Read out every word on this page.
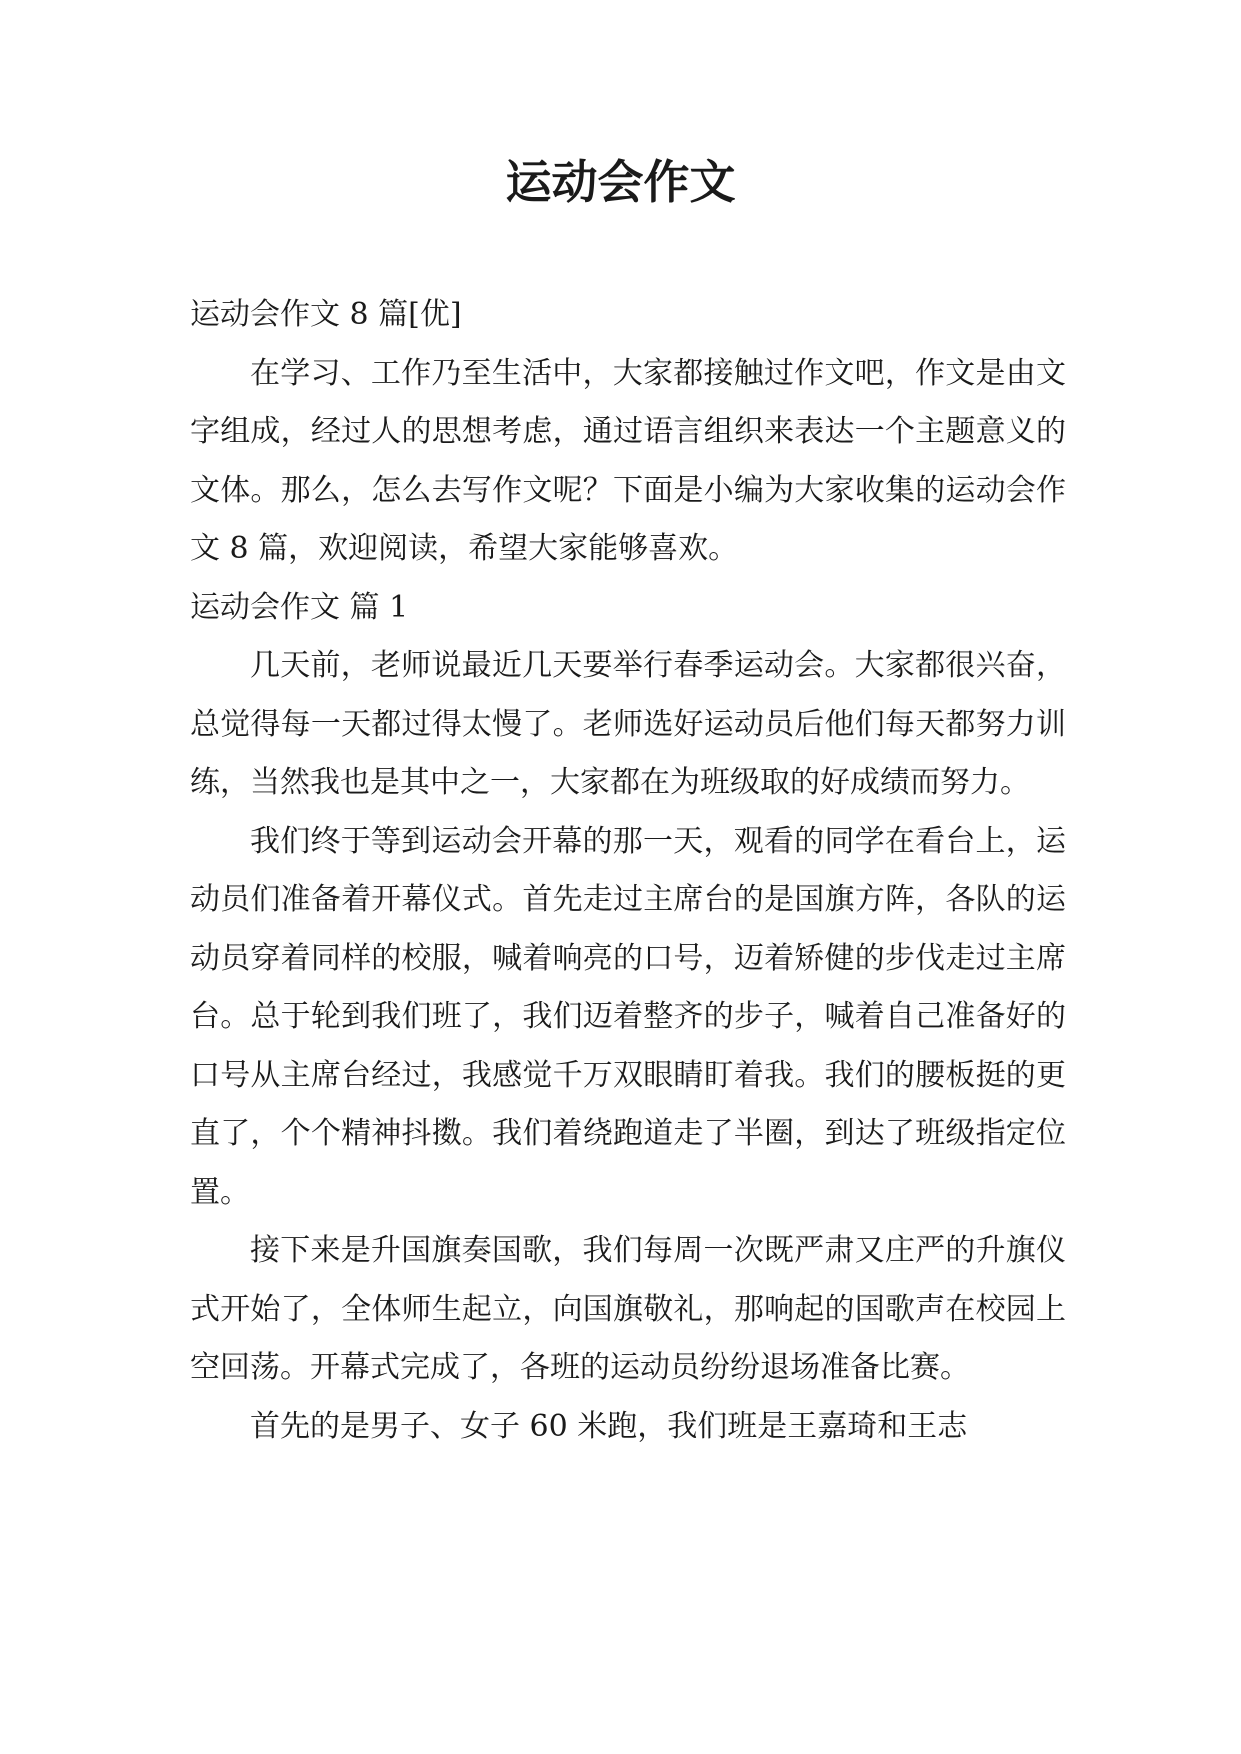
运动会作文

运动会作文 8 篇[优]

在学习、工作乃至生活中，大家都接触过作文吧，作文是由文字组成，经过人的思想考虑，通过语言组织来表达一个主题意义的文体。那么，怎么去写作文呢？下面是小编为大家收集的运动会作文 8 篇，欢迎阅读，希望大家能够喜欢。

运动会作文 篇 1

几天前，老师说最近几天要举行春季运动会。大家都很兴奋，总觉得每一天都过得太慢了。老师选好运动员后他们每天都努力训练，当然我也是其中之一，大家都在为班级取的好成绩而努力。

我们终于等到运动会开幕的那一天，观看的同学在看台上，运动员们准备着开幕仪式。首先走过主席台的是国旗方阵，各队的运动员穿着同样的校服，喊着响亮的口号，迈着矫健的步伐走过主席台。总于轮到我们班了，我们迈着整齐的步子，喊着自己准备好的口号从主席台经过，我感觉千万双眼睛盯着我。我们的腰板挺的更直了，个个精神抖擞。我们着绕跑道走了半圈，到达了班级指定位置。

接下来是升国旗奏国歌，我们每周一次既严肃又庄严的升旗仪式开始了，全体师生起立，向国旗敬礼，那响起的国歌声在校园上空回荡。开幕式完成了，各班的运动员纷纷退场准备比赛。

首先的是男子、女子 60 米跑，我们班是王嘉琦和王志
